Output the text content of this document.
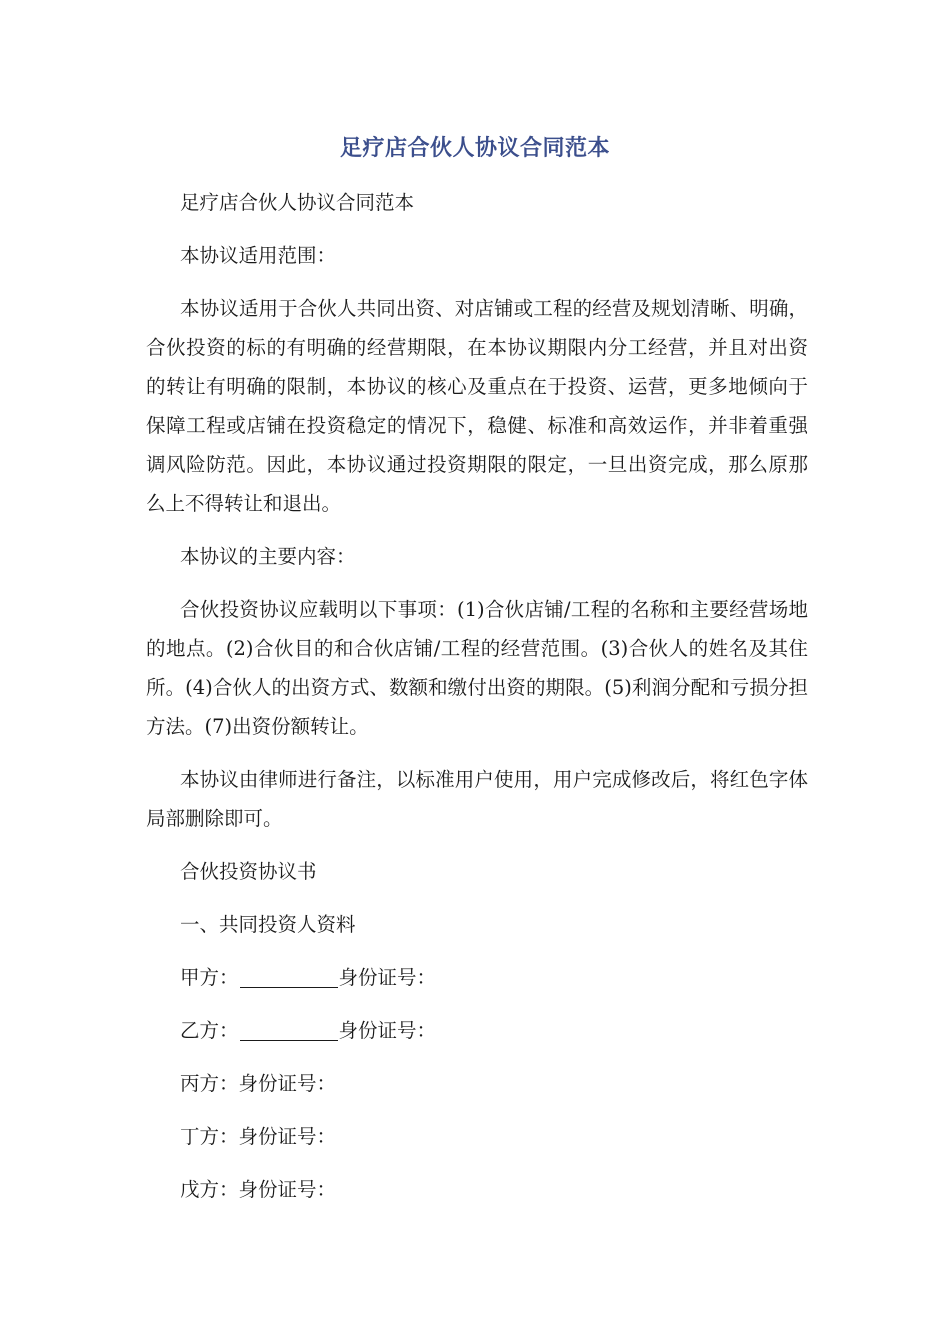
足疗店合伙人协议合同范本

足疗店合伙人协议合同范本

本协议适用范围：

本协议适用于合伙人共同出资、对店铺或工程的经营及规划清晰、明确，合伙投资的标的有明确的经营期限，在本协议期限内分工经营，并且对出资的转让有明确的限制，本协议的核心及重点在于投资、运营，更多地倾向于保障工程或店铺在投资稳定的情况下，稳健、标准和高效运作，并非着重强调风险防范。因此，本协议通过投资期限的限定，一旦出资完成，那么原那么上不得转让和退出。

本协议的主要内容：

合伙投资协议应载明以下事项：(1)合伙店铺/工程的名称和主要经营场地的地点。(2)合伙目的和合伙店铺/工程的经营范围。(3)合伙人的姓名及其住所。(4)合伙人的出资方式、数额和缴付出资的期限。(5)利润分配和亏损分担方法。(7)出资份额转让。

本协议由律师进行备注，以标准用户使用，用户完成修改后，将红色字体局部删除即可。

合伙投资协议书

一、共同投资人资料

甲方：	身份证号：

乙方：	身份证号：

丙方：身份证号：

丁方：身份证号：

戊方：身份证号：
